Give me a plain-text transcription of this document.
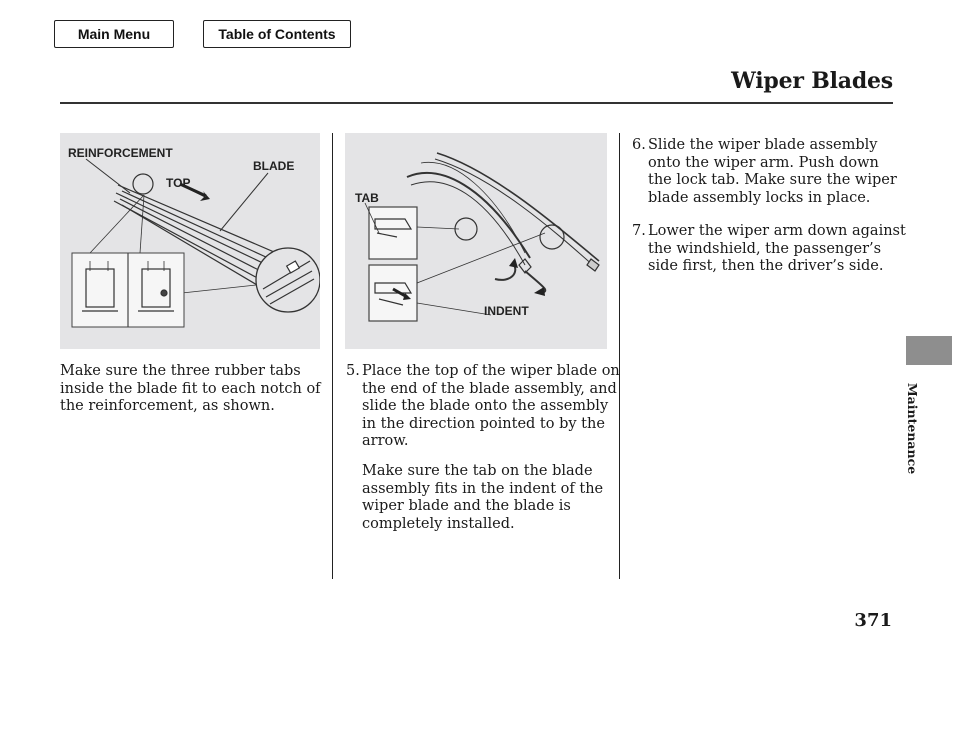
Main Menu	Table of Contents
Wiper Blades
Maintenance
REINFORCEMENT
TOP
BLADE
TAB
INDENT
Make sure the three rubber tabs
inside the blade fit to each notch of
the reinforcement, as shown.
5. Place the top of the wiper blade on
the end of the blade assembly, and
slide the blade onto the assembly
in the direction pointed to by the
arrow.
Make sure the tab on the blade
assembly fits in the indent of the
wiper blade and the blade is
completely installed.
6. Slide the wiper blade assembly
onto the wiper arm. Push down
the lock tab. Make sure the wiper
blade assembly locks in place.
7. Lower the wiper arm down against
the windshield, the passenger’s
side first, then the driver’s side.
371
